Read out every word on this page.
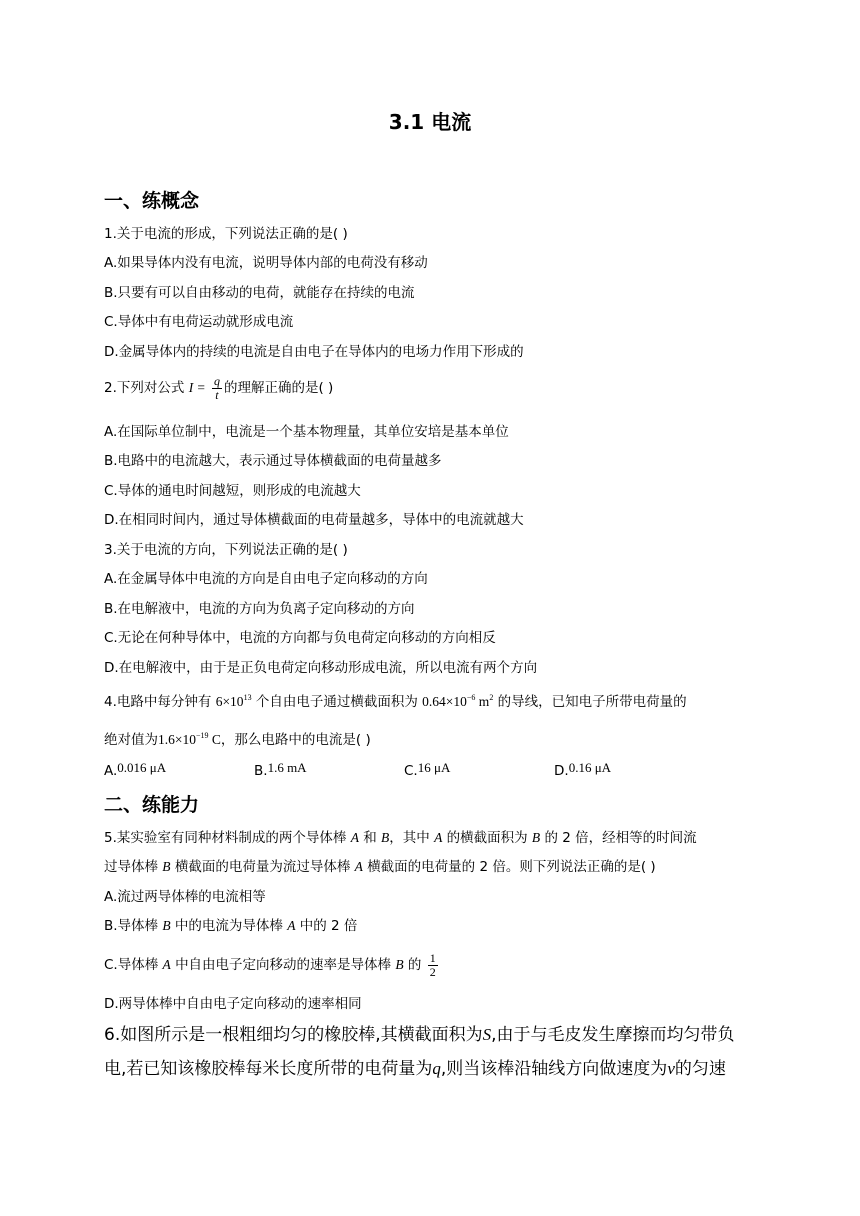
3.1 电流
一、练概念
1.关于电流的形成，下列说法正确的是( )
A.如果导体内没有电流，说明导体内部的电荷没有移动
B.只要有可以自由移动的电荷，就能存在持续的电流
C.导体中有电荷运动就形成电流
D.金属导体内的持续的电流是自由电子在导体内的电场力作用下形成的
2.下列对公式 $I = \frac{q}{t}$ 的理解正确的是( )
A.在国际单位制中，电流是一个基本物理量，其单位安培是基本单位
B.电路中的电流越大，表示通过导体横截面的电荷量越多
C.导体的通电时间越短，则形成的电流越大
D.在相同时间内，通过导体横截面的电荷量越多，导体中的电流就越大
3.关于电流的方向，下列说法正确的是( )
A.在金属导体中电流的方向是自由电子定向移动的方向
B.在电解液中，电流的方向为负离子定向移动的方向
C.无论在何种导体中，电流的方向都与负电荷定向移动的方向相反
D.在电解液中，由于是正负电荷定向移动形成电流，所以电流有两个方向
4.电路中每分钟有 $6\times 10^{13}$ 个自由电子通过横截面积为 $0.64\times 10^{-6}$ $m^2$ 的导线，已知电子所带电荷量的
绝对值为$1.6\times 10^{-19}$ C，那么电路中的电流是( )
A.0.016 μA	B.1.6 mA	C.16 μA	D.0.16 μA
二、练能力
5.某实验室有同种材料制成的两个导体棒 A 和 B，其中 A 的横截面积为 B 的 2 倍，经相等的时间流
过导体棒 B 横截面的电荷量为流过导体棒 A 横截面的电荷量的 2 倍。则下列说法正确的是( )
A.流过两导体棒的电流相等
B.导体棒 B 中的电流为导体棒 A 中的 2 倍
C.导体棒 A 中自由电子定向移动的速率是导体棒 B 的 $\frac{1}{2}$
D.两导体棒中自由电子定向移动的速率相同
6.如图所示是一根粗细均匀的橡胶棒,其横截面积为S,由于与毛皮发生摩擦而均匀带负
电,若已知该橡胶棒每米长度所带的电荷量为q,则当该棒沿轴线方向做速度为v的匀速
